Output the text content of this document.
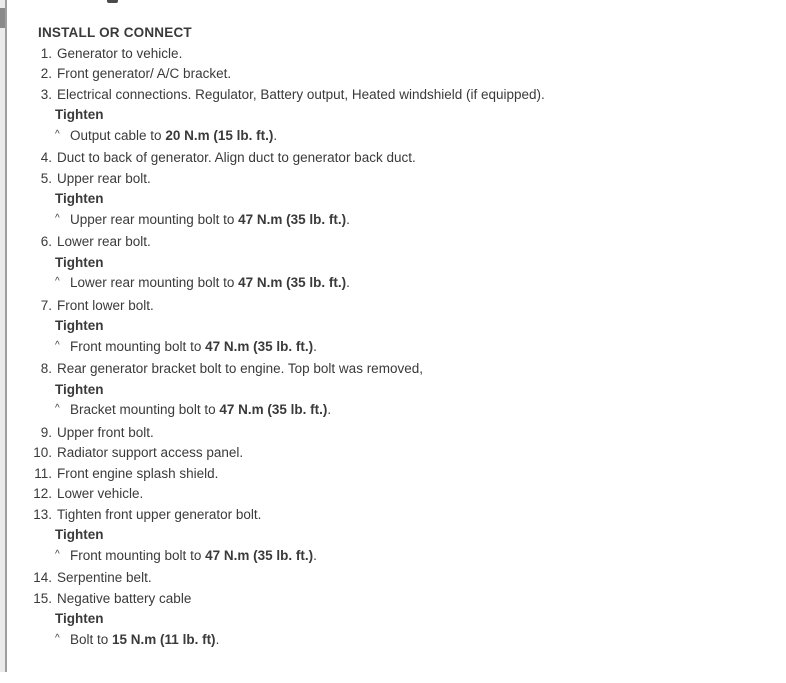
INSTALL OR CONNECT
1. Generator to vehicle.
2. Front generator/ A/C bracket.
3. Electrical connections. Regulator, Battery output, Heated windshield (if equipped).
Tighten
^ Output cable to 20 N.m (15 lb. ft.).
4. Duct to back of generator. Align duct to generator back duct.
5. Upper rear bolt.
Tighten
^ Upper rear mounting bolt to 47 N.m (35 lb. ft.).
6. Lower rear bolt.
Tighten
^ Lower rear mounting bolt to 47 N.m (35 lb. ft.).
7. Front lower bolt.
Tighten
^ Front mounting bolt to 47 N.m (35 lb. ft.).
8. Rear generator bracket bolt to engine. Top bolt was removed,
Tighten
^ Bracket mounting bolt to 47 N.m (35 lb. ft.).
9. Upper front bolt.
10. Radiator support access panel.
11. Front engine splash shield.
12. Lower vehicle.
13. Tighten front upper generator bolt.
Tighten
^ Front mounting bolt to 47 N.m (35 lb. ft.).
14. Serpentine belt.
15. Negative battery cable
Tighten
^ Bolt to 15 N.m (11 lb. ft).
